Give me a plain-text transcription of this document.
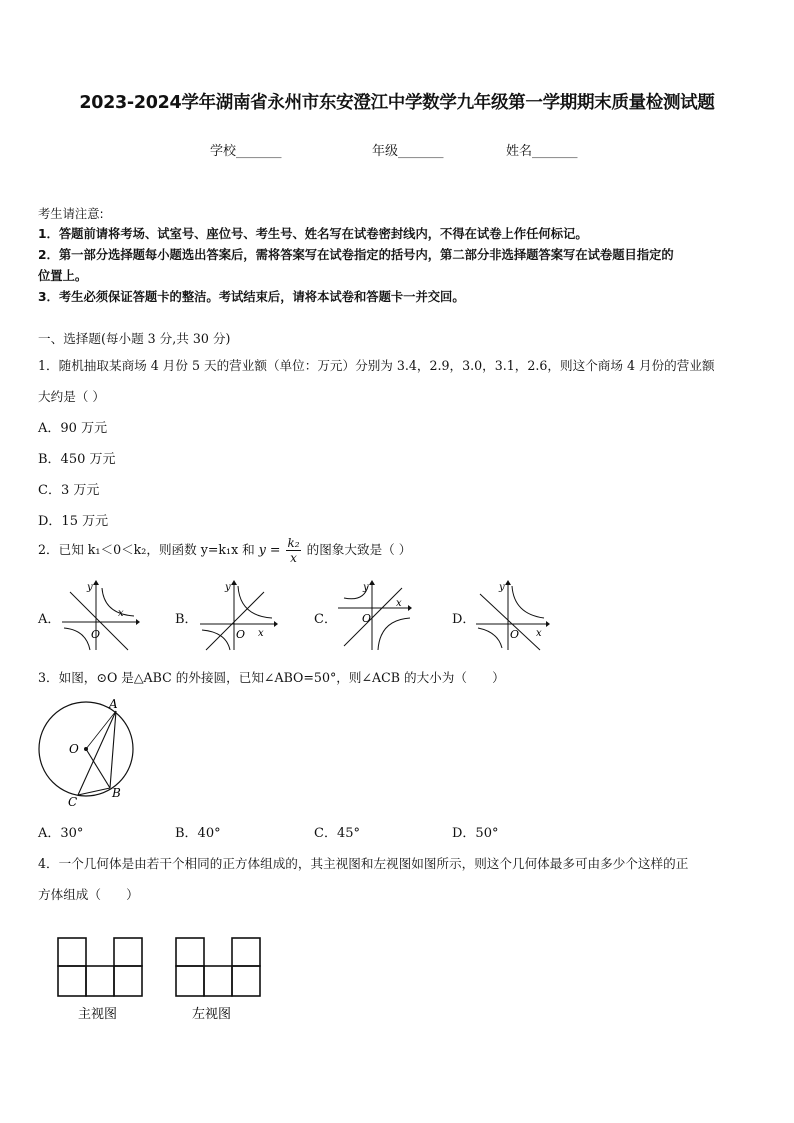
2023-2024学年湖南省永州市东安澄江中学数学九年级第一学期期末质量检测试题
学校_______	年级_______	姓名_______
考生请注意:
1．答题前请将考场、试室号、座位号、考生号、姓名写在试卷密封线内，不得在试卷上作任何标记。
2．第一部分选择题每小题选出答案后，需将答案写在试卷指定的括号内，第二部分非选择题答案写在试卷题目指定的
位置上。
3．考生必须保证答题卡的整洁。考试结束后，请将本试卷和答题卡一并交回。
一、选择题(每小题 3 分,共 30 分)
1．随机抽取某商场 4 月份 5 天的营业额（单位：万元）分别为 3.4，2.9，3.0，3.1，2.6，则这个商场 4 月份的营业额
大约是（ ）
A．90 万元
B．450 万元
C．3 万元
D．15 万元
2．已知 k₁＜0＜k₂，则函数 y=k₁x 和 $y = \frac{\text{k₂}}{x}$ 的图象大致是（ ）
A．	B．	C．	D．
x
y
O	x
y
O
x
y
O
x
y
O
3．如图，⊙O 是△ABC 的外接圆，已知∠ABO=50°，则∠ACB 的大小为（　　）
A
O
B
C
A．30°	B．40°	C．45°	D．50°
4．一个几何体是由若干个相同的正方体组成的，其主视图和左视图如图所示，则这个几何体最多可由多少个这样的正
方体组成（　　）
主视图	左视图
